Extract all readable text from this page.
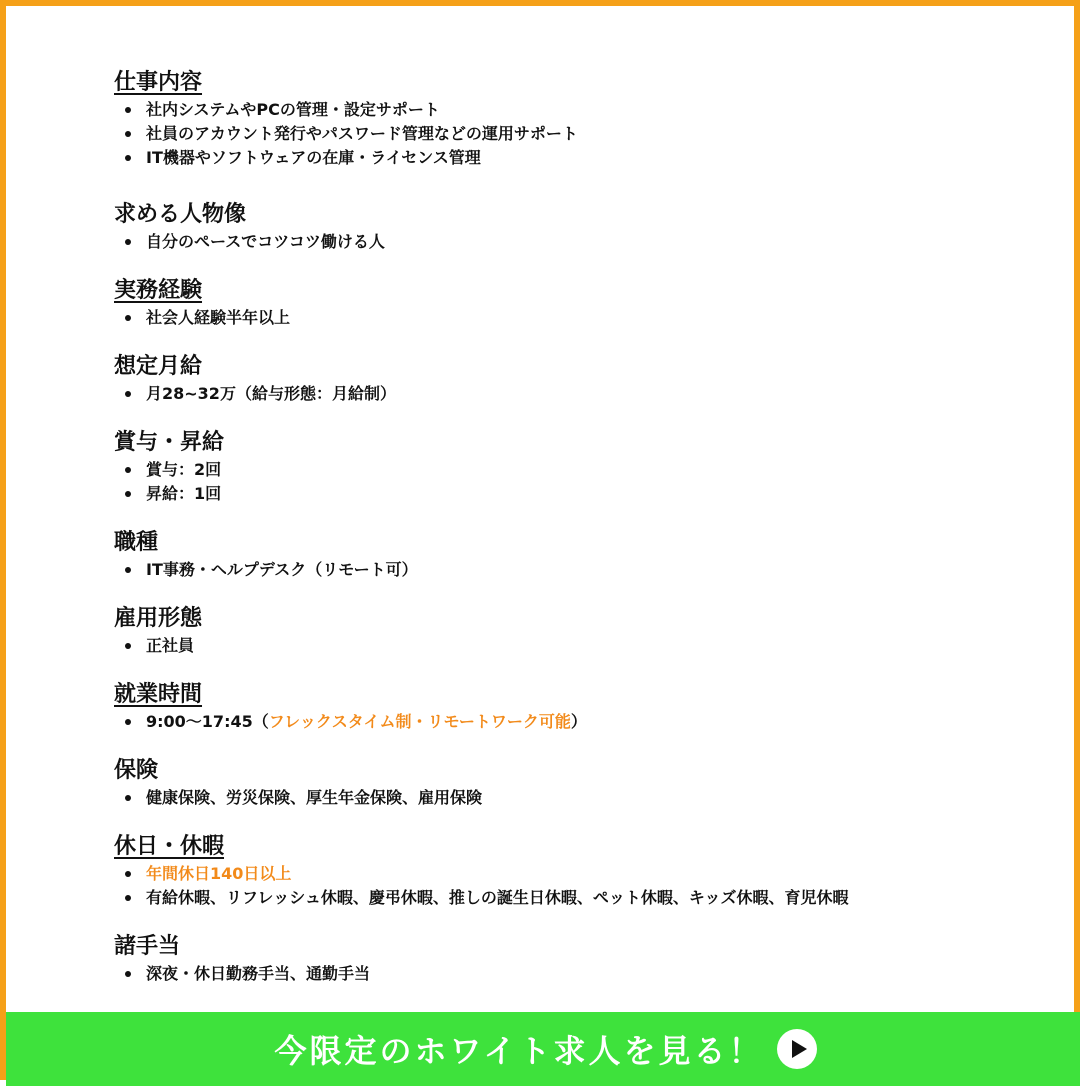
仕事内容
社内システムやPCの管理・設定サポート
社員のアカウント発行やパスワード管理などの運用サポート
IT機器やソフトウェアの在庫・ライセンス管理
求める人物像
自分のペースでコツコツ働ける人
実務経験
社会人経験半年以上
想定月給
月28~32万（給与形態：月給制）
賞与・昇給
賞与：2回
昇給：1回
職種
IT事務・ヘルプデスク（リモート可）
雇用形態
正社員
就業時間
9:00〜17:45（フレックスタイム制・リモートワーク可能）
保険
健康保険、労災保険、厚生年金保険、雇用保険
休日・休暇
年間休日140日以上
有給休暇、リフレッシュ休暇、慶弔休暇、推しの誕生日休暇、ペット休暇、キッズ休暇、育児休暇
諸手当
深夜・休日勤務手当、通勤手当
今限定のホワイト求人を見る！
